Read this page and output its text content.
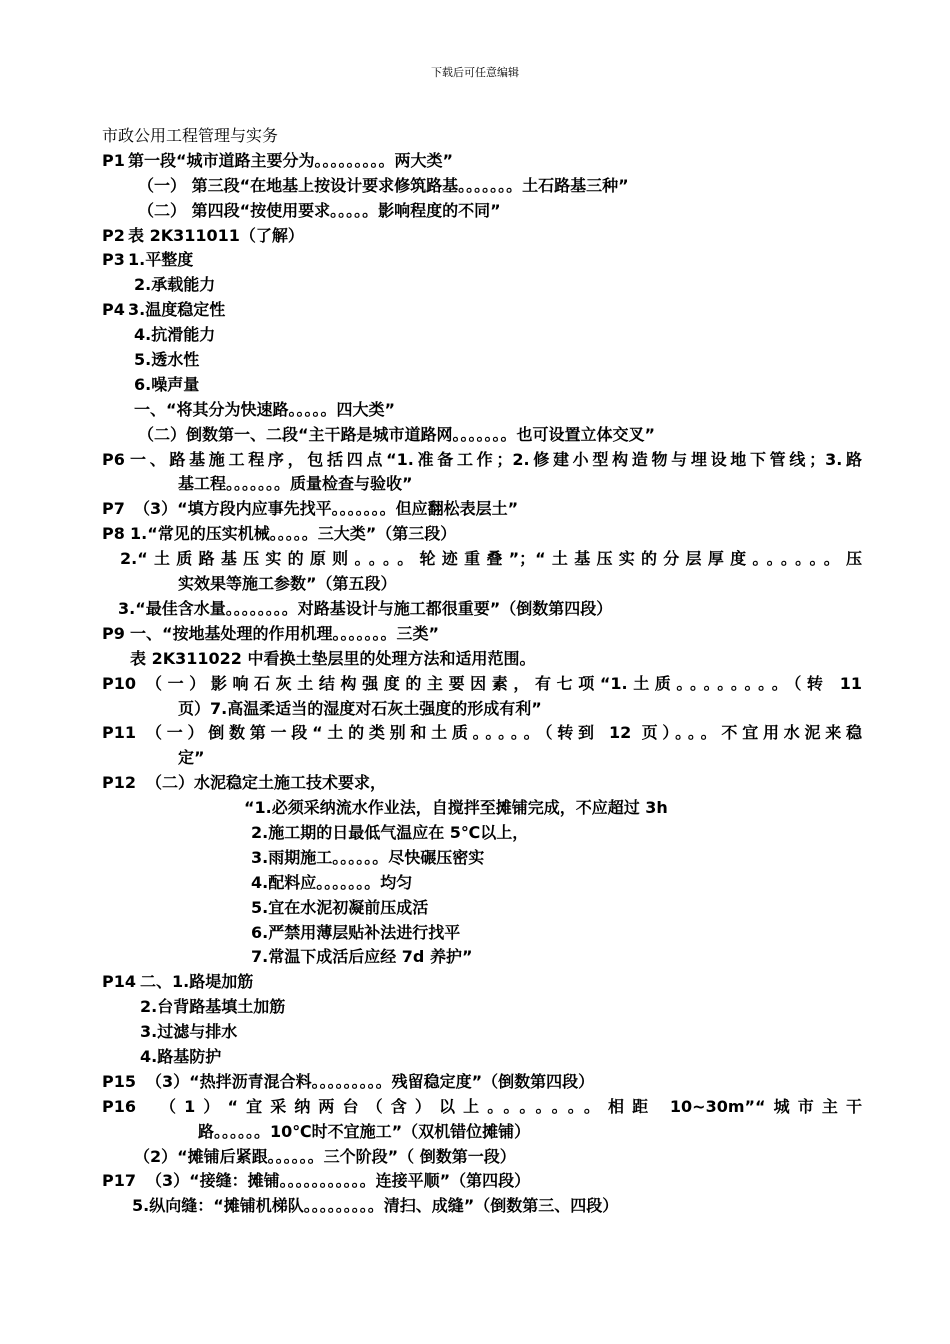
下载后可任意编辑
市政公用工程管理与实务
P1 第一段“城市道路主要分为。。。。。。。。。两大类”
（一） 第三段“在地基上按设计要求修筑路基。。。。。。。土石路基三种”
（二） 第四段“按使用要求。。。。。影响程度的不同”
P2 表 2K311011（了解）
P3 1.平整度
2.承载能力
P4 3.温度稳定性
4.抗滑能力
5.透水性
6.噪声量
一、“将其分为快速路。。。。。四大类”
（二）倒数第一、二段“主干路是城市道路网。。。。。。。也可设置立体交叉”
P6 一、路基施工程序，包括四点“1.准备工作；2.修建小型构造物与埋设地下管线；3.路
基工程。。。。。。。质量检查与验收”
P7 （3）“填方段内应事先找平。。。。。。。但应翻松表层土”
P8 1.“常见的压实机械。。。。。三大类”（第三段）
2.“土质路基压实的原则。。。。轮迹重叠”；“土基压实的分层厚度。。。。。。压
实效果等施工参数”（第五段）
3.“最佳含水量。。。。。。。。对路基设计与施工都很重要”（倒数第四段）
P9 一、“按地基处理的作用机理。。。。。。。三类”
表 2K311022 中看换土垫层里的处理方法和适用范围。
P10 （一）影响石灰土结构强度的主要因素，有七项“1.土质。。。。。。。。（转 11
页）7.高温柔适当的湿度对石灰土强度的形成有利”
P11 （一）倒数第一段“土的类别和土质。。。。。（转到 12 页）。。。不宜用水泥来稳
定”
P12 （二）水泥稳定土施工技术要求，
“1.必须采纳流水作业法，自搅拌至摊铺完成，不应超过 3h
2.施工期的日最低气温应在 5℃以上，
3.雨期施工。。。。。。尽快碾压密实
4.配料应。。。。。。。均匀
5.宜在水泥初凝前压成活
6.严禁用薄层贴补法进行找平
7.常温下成活后应经 7d 养护”
P14 二、1.路堤加筋
2.台背路基填土加筋
3.过滤与排水
4.路基防护
P15 （3）“热拌沥青混合料。。。。。。。。。残留稳定度”（倒数第四段）
P16 （1）“宜采纳两台（含）以上。。。。。。。相距 10~30m”“城市主干
路。。。。。。10℃时不宜施工”（双机错位摊铺）
（2）“摊铺后紧跟。。。。。。三个阶段”（ 倒数第一段）
P17 （3）“接缝：摊铺。。。。。。。。。。。连接平顺”（第四段）
5.纵向缝：“摊铺机梯队。。。。。。。。。清扫、成缝”（倒数第三、四段）
